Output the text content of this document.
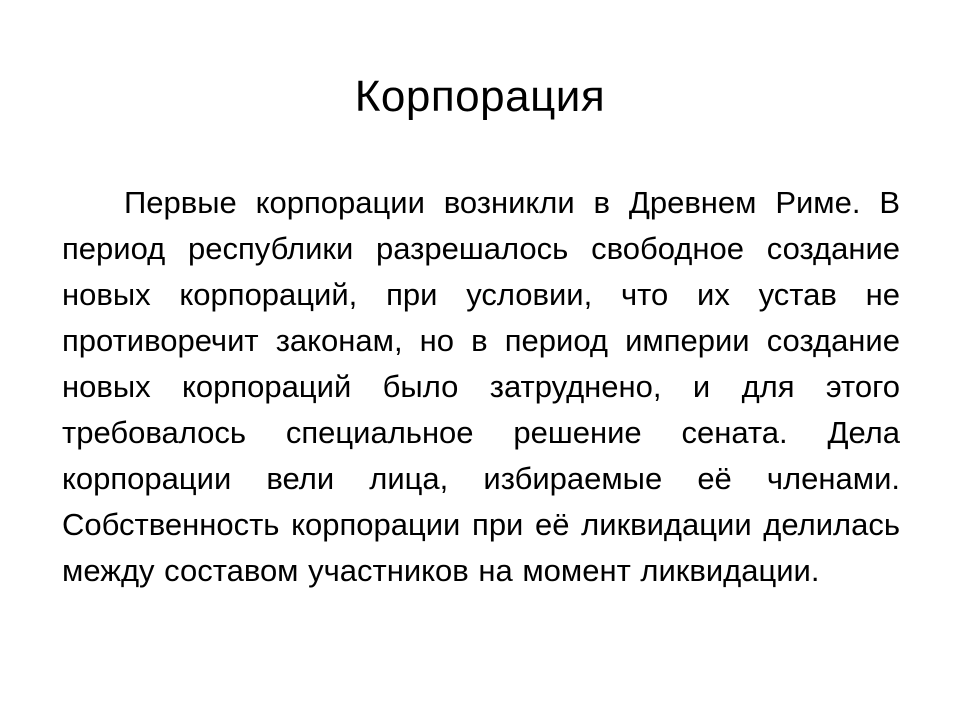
Корпорация

Первые корпорации возникли в Древнем Риме. В период республики разрешалось свободное создание новых корпораций, при условии, что их устав не противоречит законам, но в период империи создание новых корпораций было затруднено, и для этого требовалось специальное решение сената. Дела корпорации вели лица, избираемые её членами. Собственность корпорации при её ликвидации делилась между составом участников на момент ликвидации.
